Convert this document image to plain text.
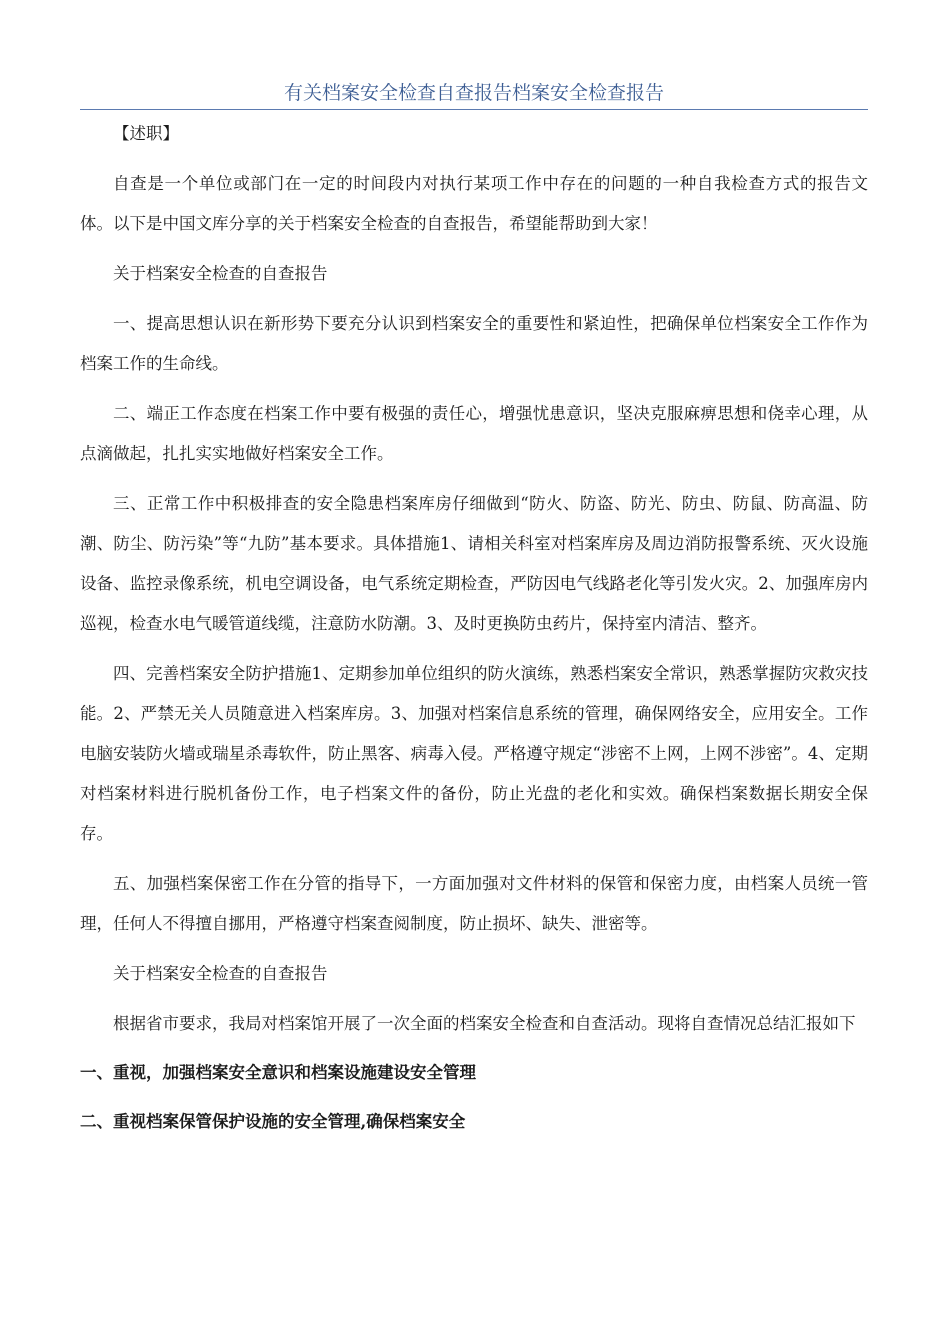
有关档案安全检查自查报告档案安全检查报告

【述职】

自查是一个单位或部门在一定的时间段内对执行某项工作中存在的问题的一种自我检查方式的报告文体。以下是中国文库分享的关于档案安全检查的自查报告，希望能帮助到大家！

关于档案安全检查的自查报告

一、提高思想认识在新形势下要充分认识到档案安全的重要性和紧迫性，把确保单位档案安全工作作为档案工作的生命线。

二、端正工作态度在档案工作中要有极强的责任心，增强忧患意识，坚决克服麻痹思想和侥幸心理，从点滴做起，扎扎实实地做好档案安全工作。

三、正常工作中积极排查的安全隐患档案库房仔细做到“防火、防盗、防光、防虫、防鼠、防高温、防潮、防尘、防污染”等“九防”基本要求。具体措施1、请相关科室对档案库房及周边消防报警系统、灭火设施设备、监控录像系统，机电空调设备，电气系统定期检查，严防因电气线路老化等引发火灾。2、加强库房内巡视，检查水电气暖管道线缆，注意防水防潮。3、及时更换防虫药片，保持室内清洁、整齐。

四、完善档案安全防护措施1、定期参加单位组织的防火演练，熟悉档案安全常识，熟悉掌握防灾救灾技能。2、严禁无关人员随意进入档案库房。3、加强对档案信息系统的管理，确保网络安全，应用安全。工作电脑安装防火墙或瑞星杀毒软件，防止黑客、病毒入侵。严格遵守规定“涉密不上网，上网不涉密”。4、定期对档案材料进行脱机备份工作，电子档案文件的备份，防止光盘的老化和实效。确保档案数据长期安全保存。

五、加强档案保密工作在分管的指导下，一方面加强对文件材料的保管和保密力度，由档案人员统一管理，任何人不得擅自挪用，严格遵守档案查阅制度，防止损坏、缺失、泄密等。

关于档案安全检查的自查报告

根据省市要求，我局对档案馆开展了一次全面的档案安全检查和自查活动。现将自查情况总结汇报如下

一、重视，加强档案安全意识和档案设施建设安全管理

二、重视档案保管保护设施的安全管理,确保档案安全
